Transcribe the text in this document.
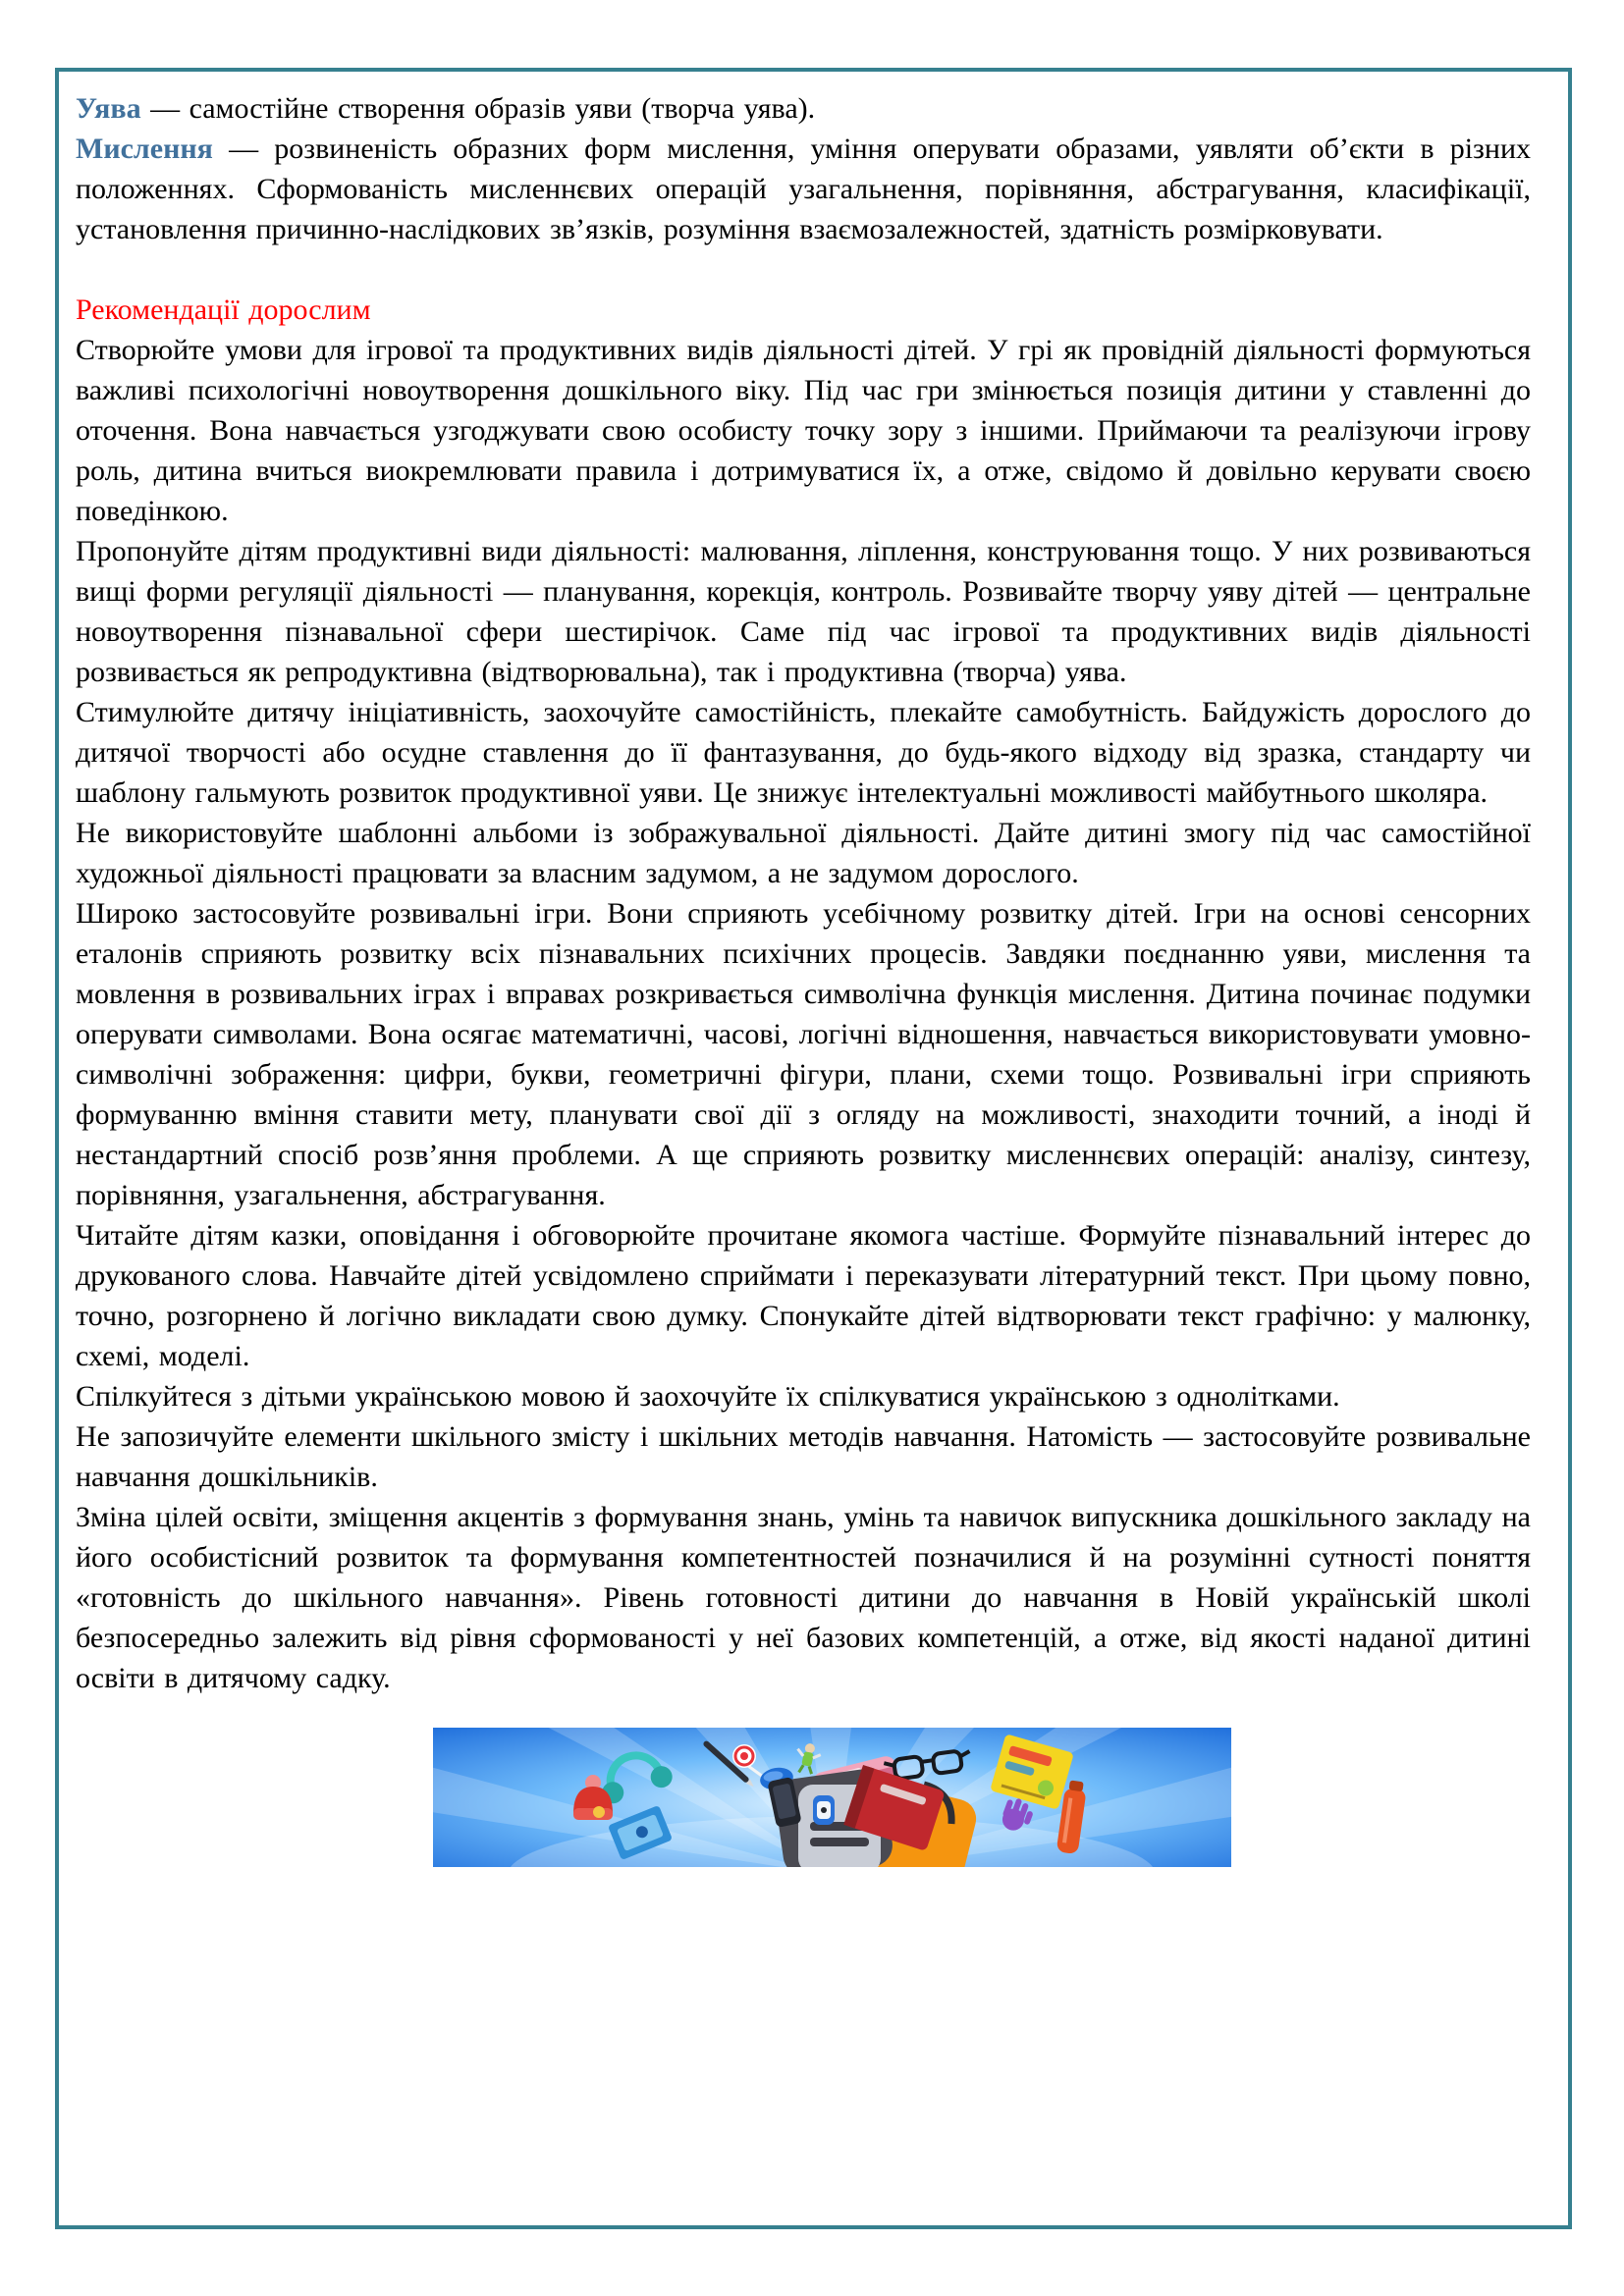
Уява — самостійне створення образів уяви (творча уява).

Мислення — розвиненість образних форм мислення, уміння оперувати образами, уявляти об’єкти в різних положеннях. Сформованість мисленнєвих операцій узагальнення, порівняння, абстрагування, класифікації, установлення причинно-наслідкових зв’язків, розуміння взаємозалежностей, здатність розмірковувати.

Рекомендації дорослим

Створюйте умови для ігрової та продуктивних видів діяльності дітей. У грі як провідній діяльності формуються важливі психологічні новоутворення дошкільного віку. Під час гри змінюється позиція дитини у ставленні до оточення. Вона навчається узгоджувати свою особисту точку зору з іншими. Приймаючи та реалізуючи ігрову роль, дитина вчиться виокремлювати правила і дотримуватися їх, а отже, свідомо й довільно керувати своєю поведінкою.

Пропонуйте дітям продуктивні види діяльності: малювання, ліплення, конструювання тощо. У них розвиваються вищі форми регуляції діяльності — планування, корекція, контроль. Розвивайте творчу уяву дітей — центральне новоутворення пізнавальної сфери шестирічок. Саме під час ігрової та продуктивних видів діяльності розвивається як репродуктивна (відтворювальна), так і продуктивна (творча) уява.

Стимулюйте дитячу ініціативність, заохочуйте самостійність, плекайте самобутність. Байдужість дорослого до дитячої творчості або осудне ставлення до її фантазування, до будь-якого відходу від зразка, стандарту чи шаблону гальмують розвиток продуктивної уяви. Це знижує інтелектуальні можливості майбутнього школяра.

Не використовуйте шаблонні альбоми із зображувальної діяльності. Дайте дитині змогу під час самостійної художньої діяльності працювати за власним задумом, а не задумом дорослого.

Широко застосовуйте розвивальні ігри. Вони сприяють усебічному розвитку дітей. Ігри на основі сенсорних еталонів сприяють розвитку всіх пізнавальних психічних процесів. Завдяки поєднанню уяви, мислення та мовлення в розвивальних іграх і вправах розкривається символічна функція мислення. Дитина починає подумки оперувати символами. Вона осягає математичні, часові, логічні відношення, навчається використовувати умовно-символічні зображення: цифри, букви, геометричні фігури, плани, схеми тощо. Розвивальні ігри сприяють формуванню вміння ставити мету, планувати свої дії з огляду на можливості, знаходити точний, а іноді й нестандартний спосіб розв’яння проблеми. А ще сприяють розвитку мисленнєвих операцій: аналізу, синтезу, порівняння, узагальнення, абстрагування.

Читайте дітям казки, оповідання і обговорюйте прочитане якомога частіше. Формуйте пізнавальний інтерес до друкованого слова. Навчайте дітей усвідомлено сприймати і переказувати літературний текст. При цьому повно, точно, розгорнено й логічно викладати свою думку. Спонукайте дітей відтворювати текст графічно: у малюнку, схемі, моделі.

Спілкуйтеся з дітьми українською мовою й заохочуйте їх спілкуватися українською з однолітками.

Не запозичуйте елементи шкільного змісту і шкільних методів навчання. Натомість — застосовуйте розвивальне навчання дошкільників.

Зміна цілей освіти, зміщення акцентів з формування знань, умінь та навичок випускника дошкільного закладу на його особистісний розвиток та формування компетентностей позначилися й на розумінні сутності поняття «готовність до шкільного навчання». Рівень готовності дитини до навчання в Новій українській школі безпосередньо залежить від рівня сформованості у неї базових компетенцій, а отже, від якості наданої дитині освіти в дитячому садку.
